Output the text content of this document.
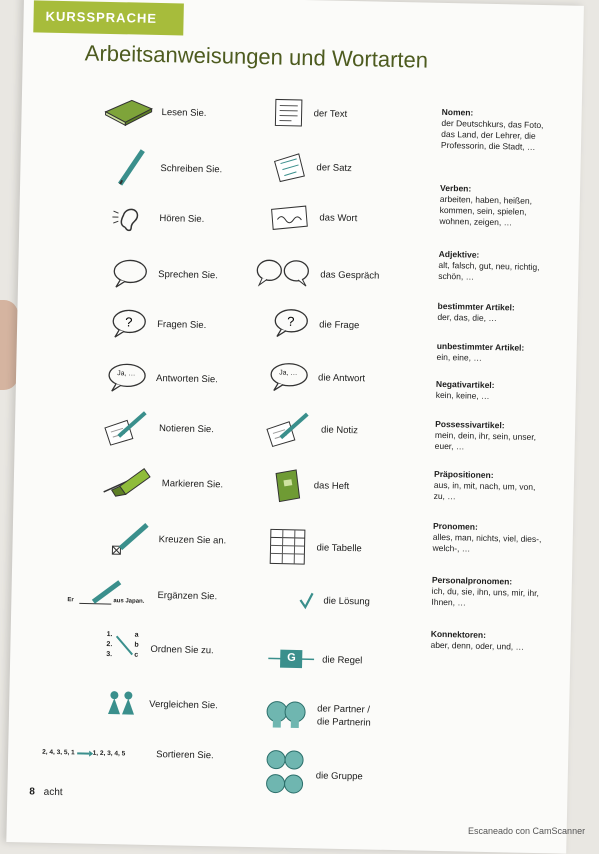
KURSSPRACHE
Arbeitsanweisungen und Wortarten
Lesen Sie.
Schreiben Sie.
Hören Sie.
Sprechen Sie.
?	Fragen Sie.
Ja, … Antworten Sie.
Notieren Sie.
Markieren Sie.
Kreuzen Sie an.
Er	aus Japan. Ergänzen Sie.
1.
2.
3.
a
b
c Ordnen Sie zu.
Vergleichen Sie.
2, 4, 3, 5, 1	1, 2, 3, 4, 5	Sortieren Sie.
der Text
der Satz
das Wort
das Gespräch
?	die Frage
Ja, … die Antwort
die Notiz
das Heft
die Tabelle
die Lösung
G	die Regel
der Partner /
die Partnerin
die Gruppe
Nomen:
der Deutschkurs, das Foto, das Land, der Lehrer, die Professorin, die Stadt, …
Verben:
arbeiten, haben, heißen, kommen, sein, spielen, wohnen, zeigen, …
Adjektive:
alt, falsch, gut, neu, richtig, schön, …
bestimmter Artikel:
der, das, die, …
unbestimmter Artikel:
ein, eine, …
Negativartikel:
kein, keine, …
Possessivartikel:
mein, dein, ihr, sein, unser, euer, …
Präpositionen:
aus, in, mit, nach, um, von, zu, …
Pronomen:
alles, man, nichts, viel, dies-, welch-, …
Personalpronomen:
ich, du, sie, ihn, uns, mir, ihr, Ihnen, …
Konnektoren:
aber, denn, oder, und, …
8 acht
Escaneado con CamScanner
